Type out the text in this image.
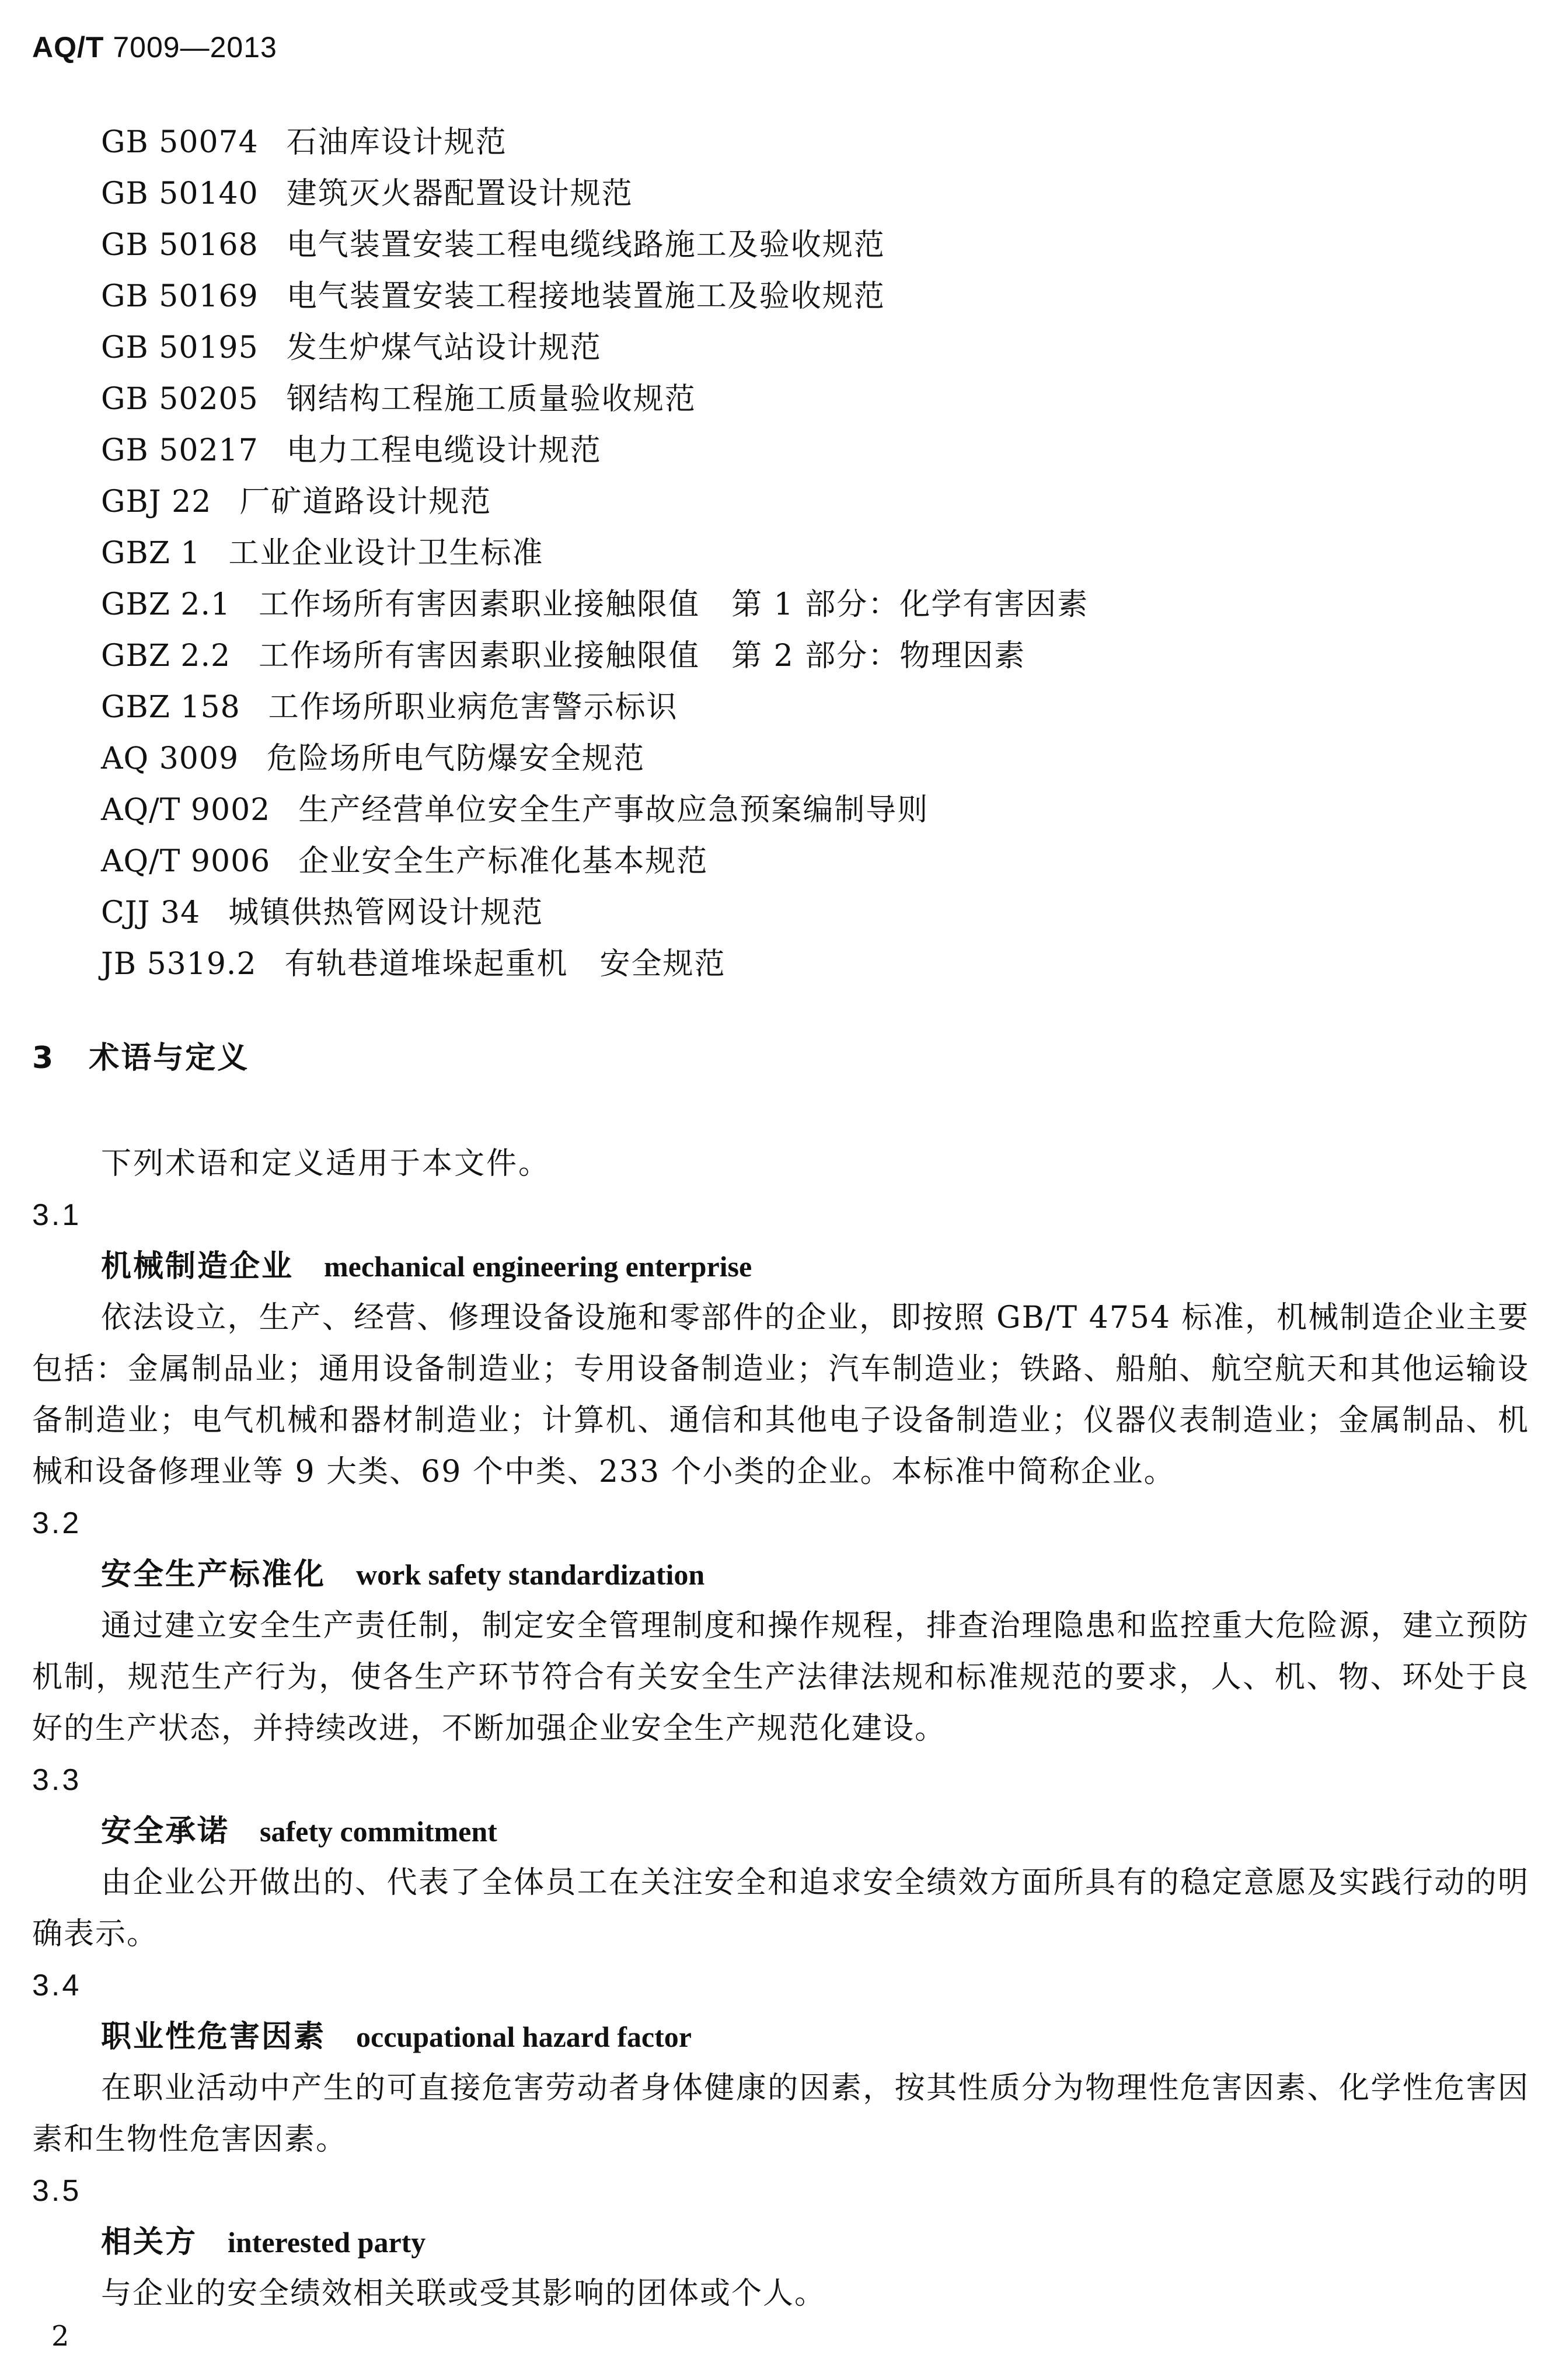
AQ/T 7009—2013
GB 50074 石油库设计规范
GB 50140 建筑灭火器配置设计规范
GB 50168 电气装置安装工程电缆线路施工及验收规范
GB 50169 电气装置安装工程接地装置施工及验收规范
GB 50195 发生炉煤气站设计规范
GB 50205 钢结构工程施工质量验收规范
GB 50217 电力工程电缆设计规范
GBJ 22 厂矿道路设计规范
GBZ 1 工业企业设计卫生标准
GBZ 2.1 工作场所有害因素职业接触限值　第 1 部分：化学有害因素
GBZ 2.2 工作场所有害因素职业接触限值　第 2 部分：物理因素
GBZ 158 工作场所职业病危害警示标识
AQ 3009 危险场所电气防爆安全规范
AQ/T 9002 生产经营单位安全生产事故应急预案编制导则
AQ/T 9006 企业安全生产标准化基本规范
CJJ 34 城镇供热管网设计规范
JB 5319.2 有轨巷道堆垛起重机　安全规范
3 术语与定义
下列术语和定义适用于本文件。
3.1
机械制造企业 mechanical engineering enterprise

依法设立，生产、经营、修理设备设施和零部件的企业，即按照 GB/T 4754 标准，机械制造企业主要包括：金属制品业；通用设备制造业；专用设备制造业；汽车制造业；铁路、船舶、航空航天和其他运输设备制造业；电气机械和器材制造业；计算机、通信和其他电子设备制造业；仪器仪表制造业；金属制品、机械和设备修理业等 9 大类、69 个中类、233 个小类的企业。本标准中简称企业。

3.2
安全生产标准化 work safety standardization

通过建立安全生产责任制，制定安全管理制度和操作规程，排查治理隐患和监控重大危险源，建立预防机制，规范生产行为，使各生产环节符合有关安全生产法律法规和标准规范的要求，人、机、物、环处于良好的生产状态，并持续改进，不断加强企业安全生产规范化建设。

3.3
安全承诺 safety commitment

由企业公开做出的、代表了全体员工在关注安全和追求安全绩效方面所具有的稳定意愿及实践行动的明确表示。

3.4
职业性危害因素 occupational hazard factor

在职业活动中产生的可直接危害劳动者身体健康的因素，按其性质分为物理性危害因素、化学性危害因素和生物性危害因素。

3.5
相关方 interested party

与企业的安全绩效相关联或受其影响的团体或个人。

2
